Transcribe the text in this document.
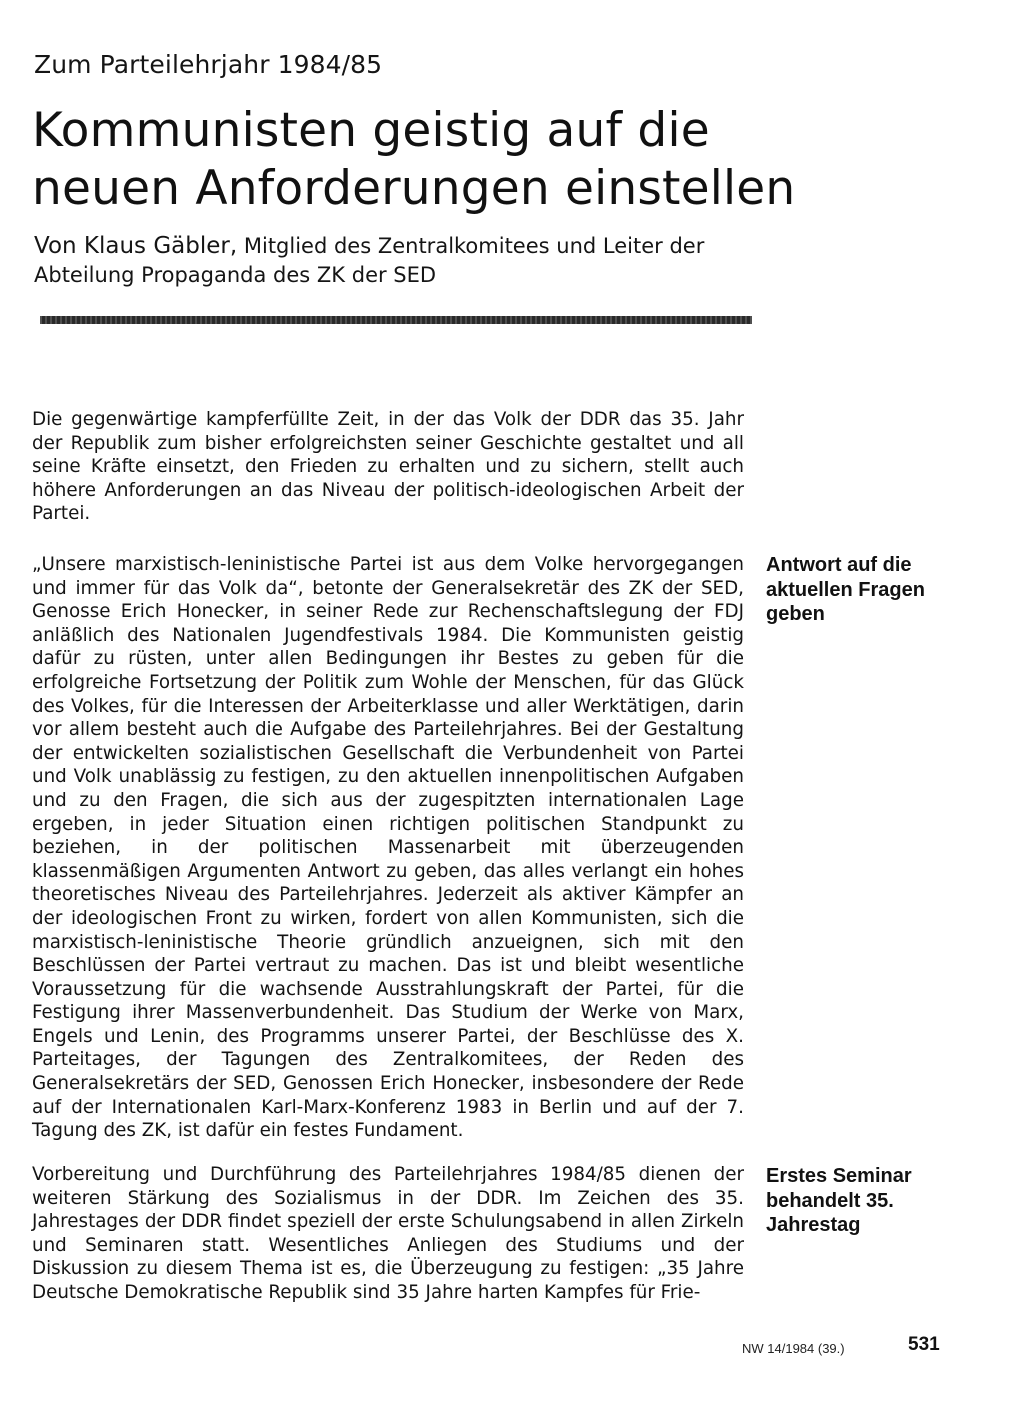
Zum Parteilehrjahr 1984/85
Kommunisten geistig auf die neuen Anforderungen einstellen
Von Klaus Gäbler, Mitglied des Zentralkomitees und Leiter der Abteilung Propaganda des ZK der SED

Die gegenwärtige kampferfüllte Zeit, in der das Volk der DDR das 35. Jahr der Republik zum bisher erfolgreichsten seiner Geschichte gestaltet und all seine Kräfte einsetzt, den Frieden zu erhalten und zu sichern, stellt auch höhere Anforderungen an das Niveau der politisch-ideologischen Arbeit der Partei.

„Unsere marxistisch-leninistische Partei ist aus dem Volke hervorgegangen und immer für das Volk da“, betonte der Generalsekretär des ZK der SED, Genosse Erich Honecker, in seiner Rede zur Rechenschaftslegung der FDJ anläßlich des Nationalen Jugendfestivals 1984. Die Kommunisten geistig dafür zu rüsten, unter allen Bedingungen ihr Bestes zu geben für die erfolgreiche Fortsetzung der Politik zum Wohle der Menschen, für das Glück des Volkes, für die Interessen der Arbeiterklasse und aller Werktätigen, darin vor allem besteht auch die Aufgabe des Parteilehrjahres. Bei der Gestaltung der entwickelten sozialistischen Gesellschaft die Verbundenheit von Partei und Volk unablässig zu festigen, zu den aktuellen innenpolitischen Aufgaben und zu den Fragen, die sich aus der zugespitzten internationalen Lage ergeben, in jeder Situation einen richtigen politischen Standpunkt zu beziehen, in der politischen Massenarbeit mit überzeugenden klassenmäßigen Argumenten Antwort zu geben, das alles verlangt ein hohes theoretisches Niveau des Parteilehrjahres. Jederzeit als aktiver Kämpfer an der ideologischen Front zu wirken, fordert von allen Kommunisten, sich die marxistisch-leninistische Theorie gründlich anzueignen, sich mit den Beschlüssen der Partei vertraut zu machen. Das ist und bleibt wesentliche Voraussetzung für die wachsende Ausstrahlungskraft der Partei, für die Festigung ihrer Massenverbundenheit. Das Studium der Werke von Marx, Engels und Lenin, des Programms unserer Partei, der Beschlüsse des X. Parteitages, der Tagungen des Zentralkomitees, der Reden des Generalsekretärs der SED, Genossen Erich Honecker, insbesondere der Rede auf der Internationalen Karl-Marx-Konferenz 1983 in Berlin und auf der 7. Tagung des ZK, ist dafür ein festes Fundament.

Vorbereitung und Durchführung des Parteilehrjahres 1984/85 dienen der weiteren Stärkung des Sozialismus in der DDR. Im Zeichen des 35. Jahrestages der DDR findet speziell der erste Schulungsabend in allen Zirkeln und Seminaren statt. Wesentliches Anliegen des Studiums und der Diskussion zu diesem Thema ist es, die Überzeugung zu festigen: „35 Jahre Deutsche Demokratische Republik sind 35 Jahre harten Kampfes für Frie-

Antwort auf die aktuellen Fragen geben
Erstes Seminar behandelt 35. Jahrestag
NW 14/1984 (39.)	531
